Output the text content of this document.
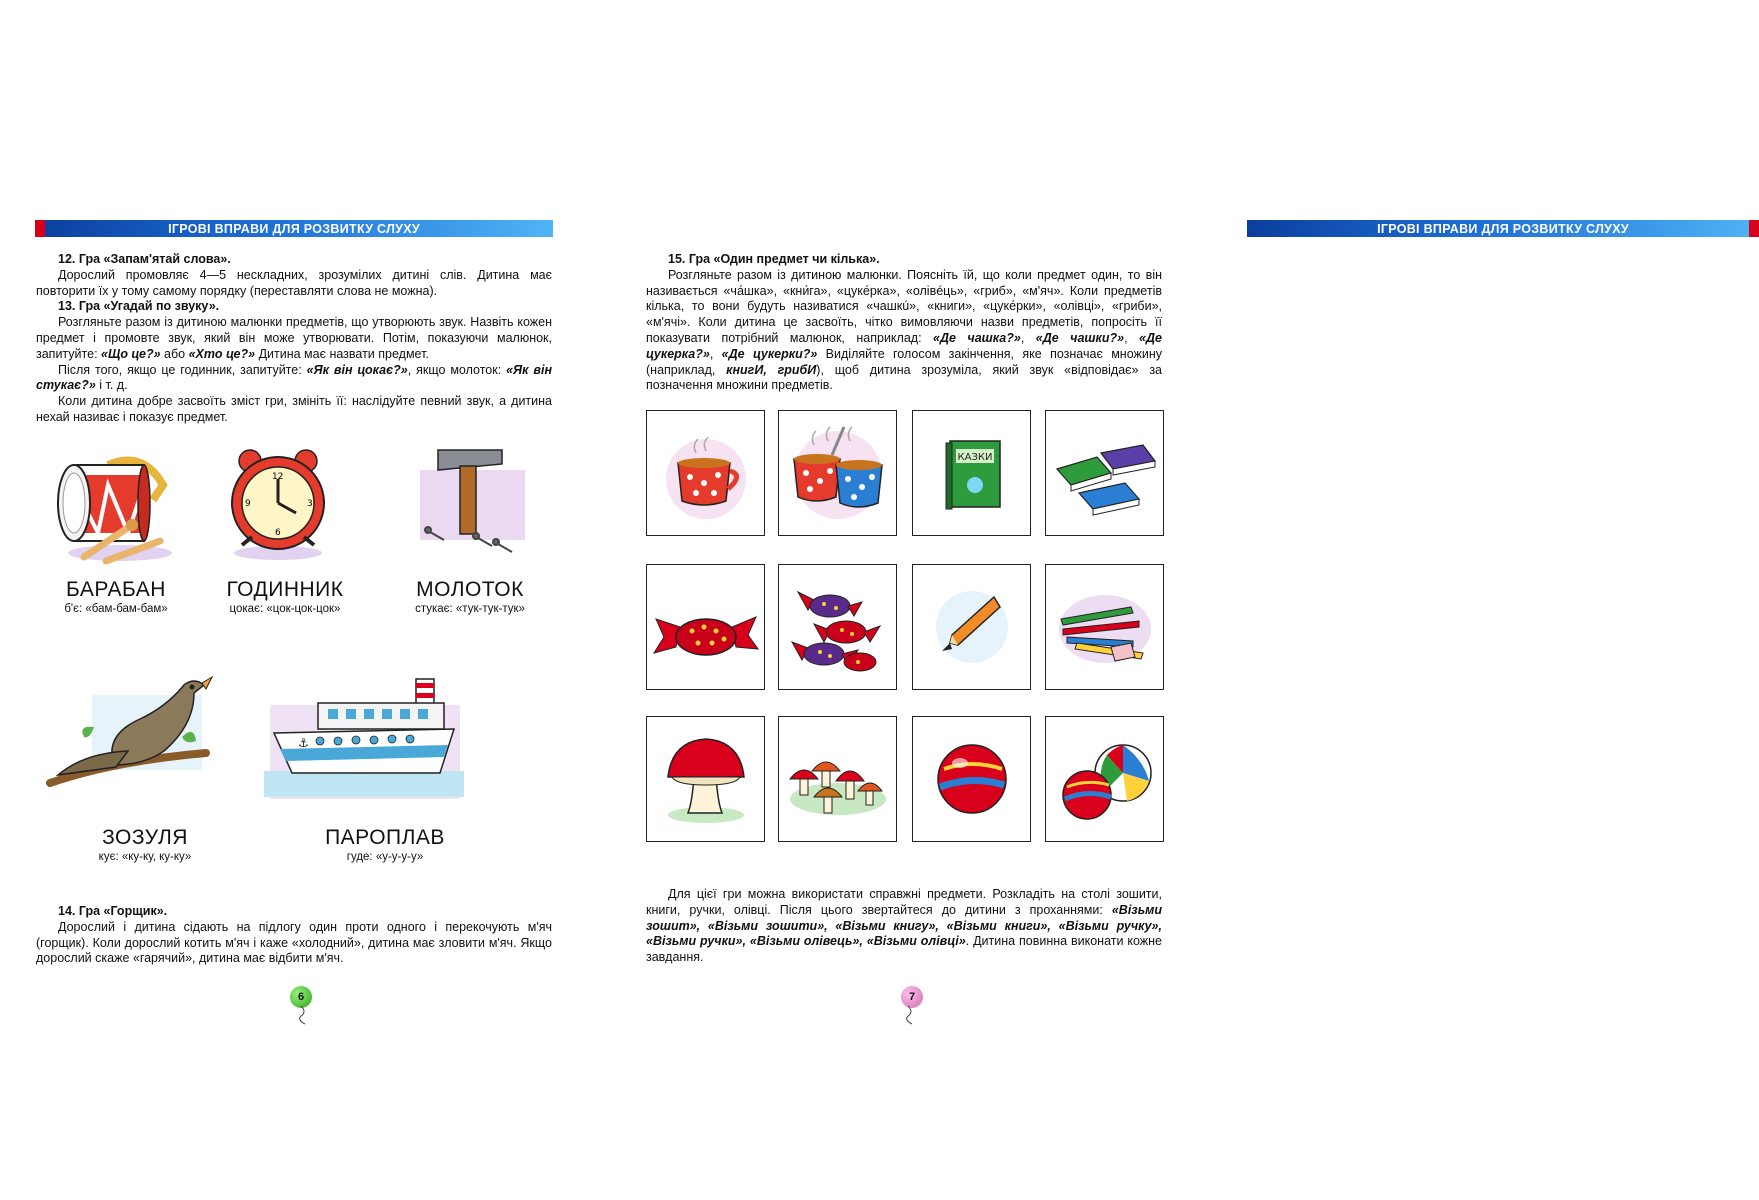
ІГРОВІ ВПРАВИ ДЛЯ РОЗВИТКУ СЛУХУ
12. Гра «Запам'ятай слова».

Дорослий промовляє 4—5 нескладних, зрозумілих дитині слів. Дитина має повторити їх у тому самому порядку (переставляти слова не можна).

13. Гра «Угадай по звуку».

Розгляньте разом із дитиною малюнки предметів, що утворюють звук. Назвіть кожен предмет і промовте звук, який він може утворювати. Потім, показуючи малюнок, запитуйте: «Що це?» або «Хто це?» Дитина має назвати предмет.

Після того, якщо це годинник, запитуйте: «Як він цокає?», якщо молоток: «Як він стукає?» і т. д.

Коли дитина добре засвоїть зміст гри, змініть її: наслідуйте певний звук, а дитина нехай називає і показує предмет.

12
3
6
9
БАРАБАН
б'є: «бам-бам-бам»
ГОДИННИК
цокає: «цок-цок-цок»
МОЛОТОК
стукає: «тук-тук-тук»
⚓
ЗОЗУЛЯ
кує: «ку-ку, ку-ку»
ПАРОПЛАВ
гуде: «у-у-у-у»
14. Гра «Горщик».

Дорослий і дитина сідають на підлогу один проти одного і перекочують м'яч (горщик). Коли дорослий котить м'яч і каже «холодний», дитина має зловити м'яч. Якщо дорослий скаже «гарячий», дитина має відбити м'яч.

6
ІГРОВІ ВПРАВИ ДЛЯ РОЗВИТКУ СЛУХУ
15. Гра «Один предмет чи кілька».

Розгляньте разом із дитиною малюнки. Поясніть їй, що коли предмет один, то він називається «ча́шка», «кни́га», «цуке́рка», «олівéць», «гриб», «м'яч». Коли предметів кілька, то вони будуть називатися «чашкú», «книги», «цуке́рки», «олівці», «гриби», «м'ячі». Коли дитина це засвоїть, чітко вимовляючи назви предметів, попросіть її показувати потрібний малюнок, наприклад: «Де чашка?», «Де чашки?», «Де цукерка?», «Де цукерки?» Виділяйте голосом закінчення, яке позначає множину (наприклад, книгИ, грибИ), щоб дитина зрозуміла, який звук «відповідає» за позначення множини предметів.

КАЗКИ

Для цієї гри можна використати справжні предмети. Розкладіть на столі зошити, книги, ручки, олівці. Після цього звертайтеся до дитини з проханнями: «Візьми зошит», «Візьми зошити», «Візьми книгу», «Візьми книги», «Візьми ручку», «Візьми ручки», «Візьми олівець», «Візьми олівці». Дитина повинна виконати кожне завдання.

7
